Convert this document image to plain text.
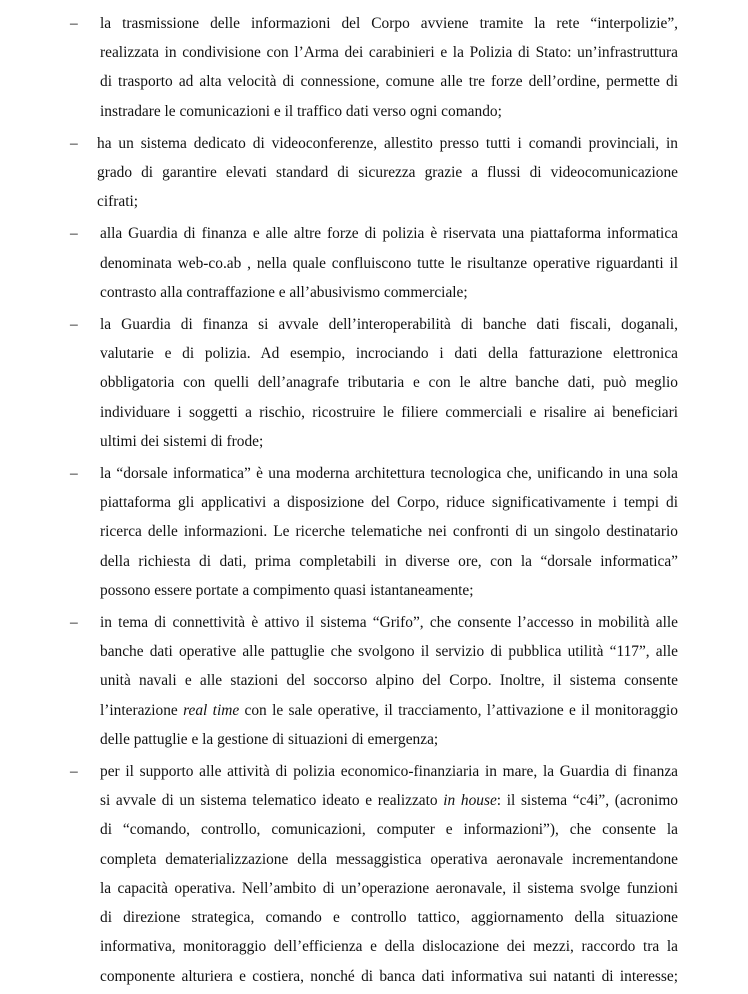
– la trasmissione delle informazioni del Corpo avviene tramite la rete “interpolizie”,
realizzata in condivisione con l’Arma dei carabinieri e la Polizia di Stato: un’infrastruttura
di trasporto ad alta velocità di connessione, comune alle tre forze dell’ordine, permette di
instradare le comunicazioni e il traffico dati verso ogni comando;
– ha un sistema dedicato di videoconferenze, allestito presso tutti i comandi provinciali, in
grado di garantire elevati standard di sicurezza grazie a flussi di videocomunicazione
cifrati;
– alla Guardia di finanza e alle altre forze di polizia è riservata una piattaforma informatica
denominata web-co.ab , nella quale confluiscono tutte le risultanze operative riguardanti il
contrasto alla contraffazione e all’abusivismo commerciale;
– la Guardia di finanza si avvale dell’interoperabilità di banche dati fiscali, doganali,
valutarie e di polizia. Ad esempio, incrociando i dati della fatturazione elettronica
obbligatoria con quelli dell’anagrafe tributaria e con le altre banche dati, può meglio
individuare i soggetti a rischio, ricostruire le filiere commerciali e risalire ai beneficiari
ultimi dei sistemi di frode;
– la “dorsale informatica” è una moderna architettura tecnologica che, unificando in una sola
piattaforma gli applicativi a disposizione del Corpo, riduce significativamente i tempi di
ricerca delle informazioni. Le ricerche telematiche nei confronti di un singolo destinatario
della richiesta di dati, prima completabili in diverse ore, con la “dorsale informatica”
possono essere portate a compimento quasi istantaneamente;
– in tema di connettività è attivo il sistema “Grifo”, che consente l’accesso in mobilità alle
banche dati operative alle pattuglie che svolgono il servizio di pubblica utilità “117”, alle
unità navali e alle stazioni del soccorso alpino del Corpo. Inoltre, il sistema consente
l’interazione real time con le sale operative, il tracciamento, l’attivazione e il monitoraggio
delle pattuglie e la gestione di situazioni di emergenza;
– per il supporto alle attività di polizia economico-finanziaria in mare, la Guardia di finanza
si avvale di un sistema telematico ideato e realizzato in house: il sistema “c4i”, (acronimo
di “comando, controllo, comunicazioni, computer e informazioni”), che consente la
completa dematerializzazione della messaggistica operativa aeronavale incrementandone
la capacità operativa. Nell’ambito di un’operazione aeronavale, il sistema svolge funzioni
di direzione strategica, comando e controllo tattico, aggiornamento della situazione
informativa, monitoraggio dell’efficienza e della dislocazione dei mezzi, raccordo tra la
componente alturiera e costiera, nonché di banca dati informativa sui natanti di interesse;
